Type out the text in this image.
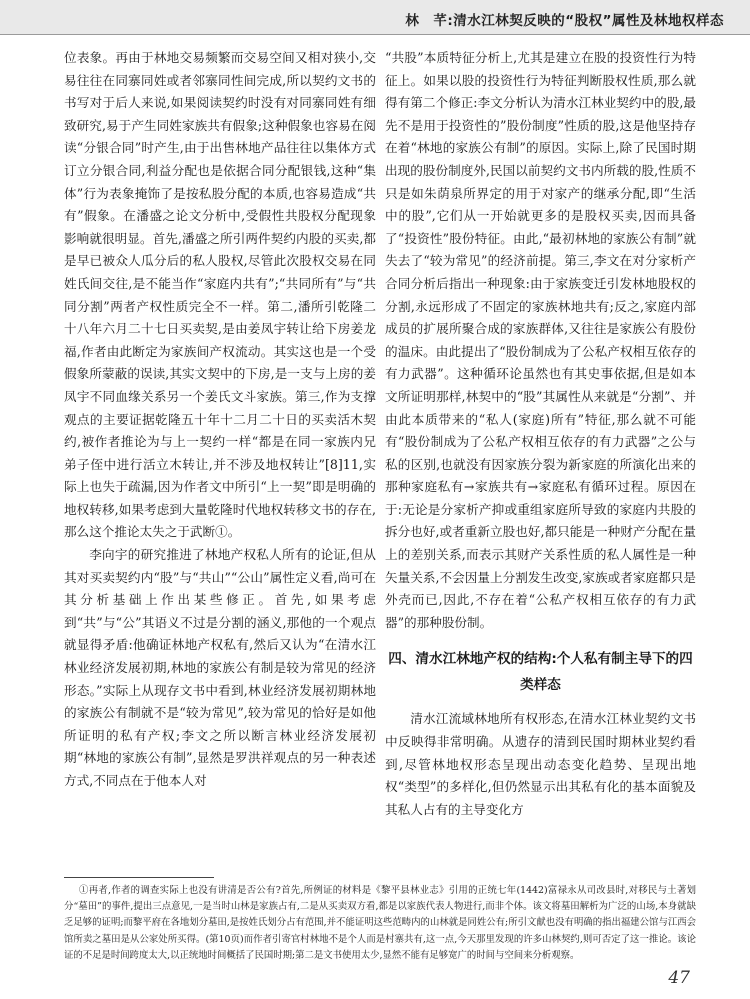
林　芊:清水江林契反映的“股权”属性及林地权样态

位表象。再由于林地交易频繁而交易空间又相对狭小,交易往往在同寨同姓或者邻寨同性间完成,所以契约文书的书写对于后人来说,如果阅读契约时没有对同寨同姓有细致研究,易于产生同姓家族共有假象;这种假象也容易在阅读“分银合同”时产生,由于出售林地产品往往以集体方式订立分银合同,利益分配也是依据合同分配银钱,这种“集体”行为表象掩饰了是按私股分配的本质,也容易造成“共有”假象。在潘盛之论文分析中,受假性共股权分配现象影响就很明显。首先,潘盛之所引两件契约内股的买卖,都是早已被众人瓜分后的私人股权,尽管此次股权交易在同姓氏间交往,是不能当作“家庭内共有”;“共同所有”与“共同分割”两者产权性质完全不一样。第二,潘所引乾隆二十八年六月二十七日买卖契,是由姜凤宇转让给下房姜龙福,作者由此断定为家族间产权流动。其实这也是一个受假象所蒙蔽的误读,其实文契中的下房,是一支与上房的姜凤宇不同血缘关系另一个姜氏文斗家族。第三,作为支撑观点的主要证据乾隆五十年十二月二十日的买卖活木契约,被作者推论为与上一契约一样“都是在同一家族内兄弟子侄中进行活立木转让,并不涉及地权转让”[8]11,实际上也失于疏漏,因为作者文中所引“上一契”即是明确的地权转移,如果考虑到大量乾隆时代地权转移文书的存在,那么这个推论太失之于武断①。

李向宇的研究推进了林地产权私人所有的论证,但从其对买卖契约内“股”与“共山”“公山”属性定义看,尚可在其分析基础上作出某些修正。首先,如果考虑到“共”与“公”其语义不过是分割的涵义,那他的一个观点就显得矛盾:他确证林地产权私有,然后又认为“在清水江林业经济发展初期,林地的家族公有制是较为常见的经济形态。”实际上从现存文书中看到,林业经济发展初期林地的家族公有制就不是“较为常见”,较为常见的恰好是如他所证明的私有产权;李文之所以断言林业经济发展初期“林地的家族公有制”,显然是罗洪祥观点的另一种表述方式,不同点在于他本人对

“共股”本质特征分析上,尤其是建立在股的投资性行为特征上。如果以股的投资性行为特征判断股权性质,那么就得有第二个修正:李文分析认为清水江林业契约中的股,最先不是用于投资性的”股份制度”性质的股,这是他坚持存在着“林地的家族公有制”的原因。实际上,除了民国时期出现的股份制度外,民国以前契约文书内所载的股,性质不只是如朱荫泉所界定的用于对家产的继承分配,即“生活中的股”,它们从一开始就更多的是股权买卖,因而具备了“投资性”股份特征。由此,“最初林地的家族公有制”就失去了“较为常见”的经济前提。第三,李文在对分家析产合同分析后指出一种现象:由于家族变迁引发林地股权的分割,永远形成了不固定的家族林地共有;反之,家庭内部成员的扩展所聚合成的家族群体,又往往是家族公有股份的温床。由此提出了“股份制成为了公私产权相互依存的有力武器”。这种循环论虽然也有其史事依据,但是如本文所证明那样,林契中的“股”其属性从来就是“分割”、并由此本质带来的“私人(家庭)所有”特征,那么就不可能有“股份制成为了公私产权相互依存的有力武器”之公与私的区别,也就没有因家族分裂为新家庭的所演化出来的那种家庭私有→家族共有→家庭私有循环过程。原因在于:无论是分家析产抑或重组家庭所导致的家庭内共股的拆分也好,或者重新立股也好,都只能是一种财产分配在量上的差别关系,而表示其财产关系性质的私人属性是一种矢量关系,不会因量上分割发生改变,家族或者家庭都只是外壳而已,因此,不存在着“公私产权相互依存的有力武器”的那种股份制。

四、清水江林地产权的结构:个人私有制主导下的四类样态

清水江流域林地所有权形态,在清水江林业契约文书中反映得非常明确。从遗存的清到民国时期林业契约看到,尽管林地权形态呈现出动态变化趋势、呈现出地权“类型”的多样化,但仍然显示出其私有化的基本面貌及其私人占有的主导变化方

①再者,作者的调查实际上也没有讲清是否公有?首先,所例证的材料是《黎平县林业志》引用的正统七年(1442)富禄永从司改县时,对移民与土著划分“墓田”的事件,提出三点意见,一是当时山林是家族占有,二是从买卖双方看,都是以家族代表人物进行,而非个体。该文将墓田解析为广泛的山场,本身就缺乏足够的证明;而黎平府在各地划分墓田,是按姓氏划分占有范围,并不能证明这些范畴内的山林就是同姓公有;所引文献也没有明确的指出福建公馆与江西会馆所卖之墓田是从公家处所买得。(第10页)而作者引寄官村林地不是个人而是村寨共有,这一点,今天那里发现的许多山林契约,则可否定了这一推论。该论证的不足是时间跨度太大,以正统地时间概括了民国时期;第二是文书使用太少,显然不能有足够宽广的时间与空间来分析观察。
47
